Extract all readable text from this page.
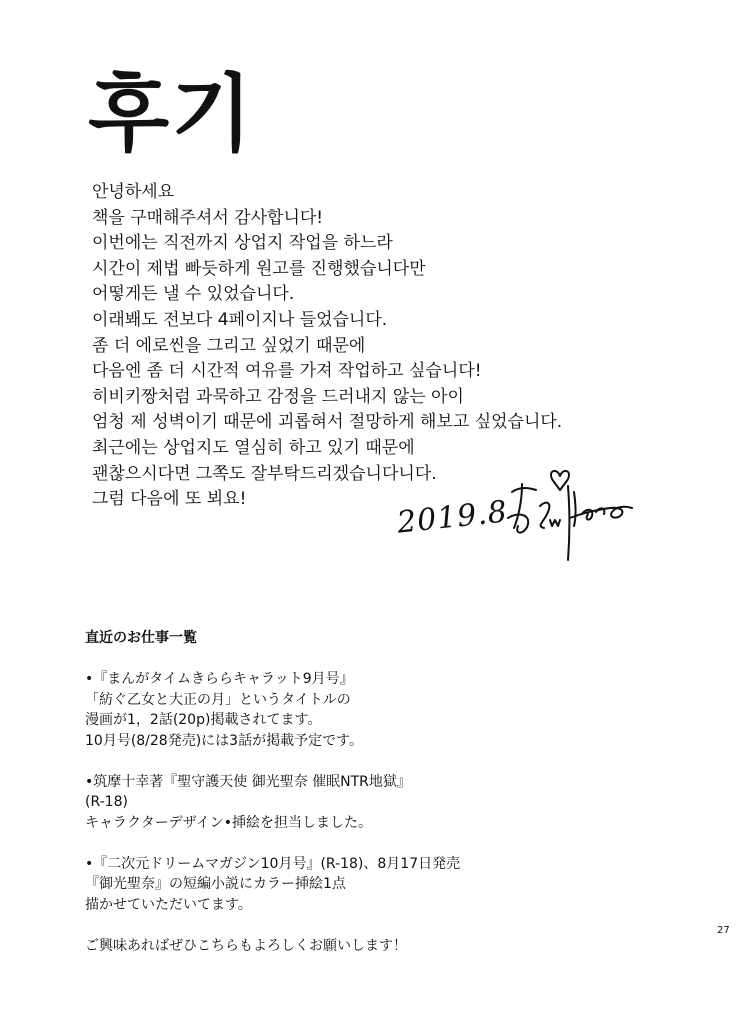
후기
안녕하세요
책을 구매해주셔서 감사합니다!
이번에는 직전까지 상업지 작업을 하느라
시간이 제법 빠듯하게 원고를 진행했습니다만
어떻게든 낼 수 있었습니다.
이래봬도 전보다 4페이지나 들었습니다.
좀 더 에로씬을 그리고 싶었기 때문에
다음엔 좀 더 시간적 여유를 가져 작업하고 싶습니다!
히비키짱처럼 과묵하고 감정을 드러내지 않는 아이
엄청 제 성벽이기 때문에 괴롭혀서 절망하게 해보고 싶었습니다.
최근에는 상업지도 열심히 하고 있기 때문에
괜찮으시다면 그쪽도 잘부탁드리겠습니다니다.
그럼 다음에 또 뵈요!	2019.8
直近のお仕事一覧
•『まんがタイムきららキャラット9月号』
「紡ぐ乙女と大正の月」というタイトルの
漫画が1，2話(20p)掲載されてます。
10月号(8/28発売)には3話が掲載予定です。
•筑摩十幸著『聖守護天使 御光聖奈 催眠NTR地獄』
(R-18)
キャラクターデザイン•挿絵を担当しました。
•『二次元ドリームマガジン10月号』(R-18)、8月17日発売
『御光聖奈』の短編小説にカラー挿絵1点
描かせていただいてます。
ご興味あればぜひこちらもよろしくお願いします！
27
